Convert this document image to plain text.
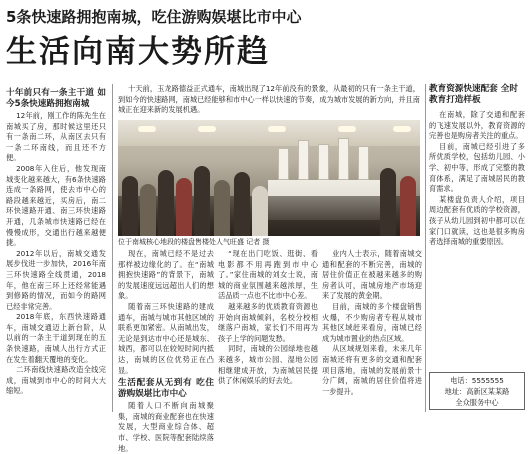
5条快速路拥抱南城，吃住游购娱堪比市中心
生活向南大势所趋

十年前只有一条主干道 如今5条快速路拥抱南城

12年前，刚工作的陈先生在南城买了房，那时候这里还只有一条南二环，从南区去只有一条二环南线，而且还不方便。

2008年入住后，他发现南城变化越来越大，有6条快速路连成一条路网，使去市中心的路段越来越近，买房后，南二环快速路开通、南三环快速路开通，几条城市快速路已经在慢慢成形，交通出行越来越便捷。

2012年以后，南城交通发展步伐进一步加快，2016年南三环快速路全线贯通，2018年，他在南三环上还经常能遇到修路的情况，而如今的路网已经非常完善。

2018年底，东西快速路通车，南城交通迈上新台阶，从以前的一条主干道到现在的五条快速路，南城人出行方式正在发生着翻天覆地的变化。

二环南线快速路改造全线完成，南城到市中心的时间大大缩短。

十天前，玉龙路德益正式通车，南城出现了12年前没有的景象，从最初的只有一条主干道，到如今的快速路网，南城已经能够和市中心一样以快速的节奏，成为城市发展的新方向，并且南城正在迎来新的发展机遇。

位于南城核心地段的楼盘售楼处人气旺盛 记者 摄

现在，南城已经不是过去那样被边缘化的了。在“南城拥抱快速路”的背景下，南城的发展速度远远超出人们的想象。

随着南三环快速路的建成通车，南城与城市其他区域的联系更加紧密。从南城出发，无论是到达市中心还是城东、城西，都可以在较短时间内抵达，南城的区位优势正在凸显。

生活配套从无到有 吃住游购娱堪比市中心

随着人口不断向南城聚集，南城的商业配套也在快速发展，大型商业综合体、超市、学校、医院等配套陆续落地。

“现在出门吃饭、逛街、看电影都不用再跑到市中心了。”家住南城的刘女士说，南城的商业氛围越来越浓厚，生活品质一点也不比市中心差。

越来越多的优质教育资源也开始向南城倾斜，名校分校相继落户南城，家长们不用再为孩子上学的问题发愁。

同时，南城的公园绿地也越来越多，城市公园、湿地公园相继建成开放，为南城居民提供了休闲娱乐的好去处。

业内人士表示，随着南城交通和配套的不断完善，南城的居住价值正在被越来越多的购房者认可，南城房地产市场迎来了发展的黄金期。

目前，南城的多个楼盘销售火爆，不少购房者专程从城市其他区域赶来看房，南城已经成为城市置业的热点区域。

从区域规划来看，未来几年南城还将有更多的交通和配套项目落地，南城的发展前景十分广阔，南城的居住价值将进一步提升。

教育资源快速配套 全时教育打造样板

在南城，除了交通和配套的飞速发展以外，教育资源的完善也是购房者关注的重点。

目前，南城已经引进了多所优质学校，包括幼儿园、小学、初中等，形成了完整的教育体系，满足了南城居民的教育需求。

某楼盘负责人介绍，项目周边配套有优质的学校资源，孩子从幼儿园到初中都可以在家门口就读，这也是很多购房者选择南城的重要原因。

电话：5555555
地址：高新区某某路
全众服务中心
